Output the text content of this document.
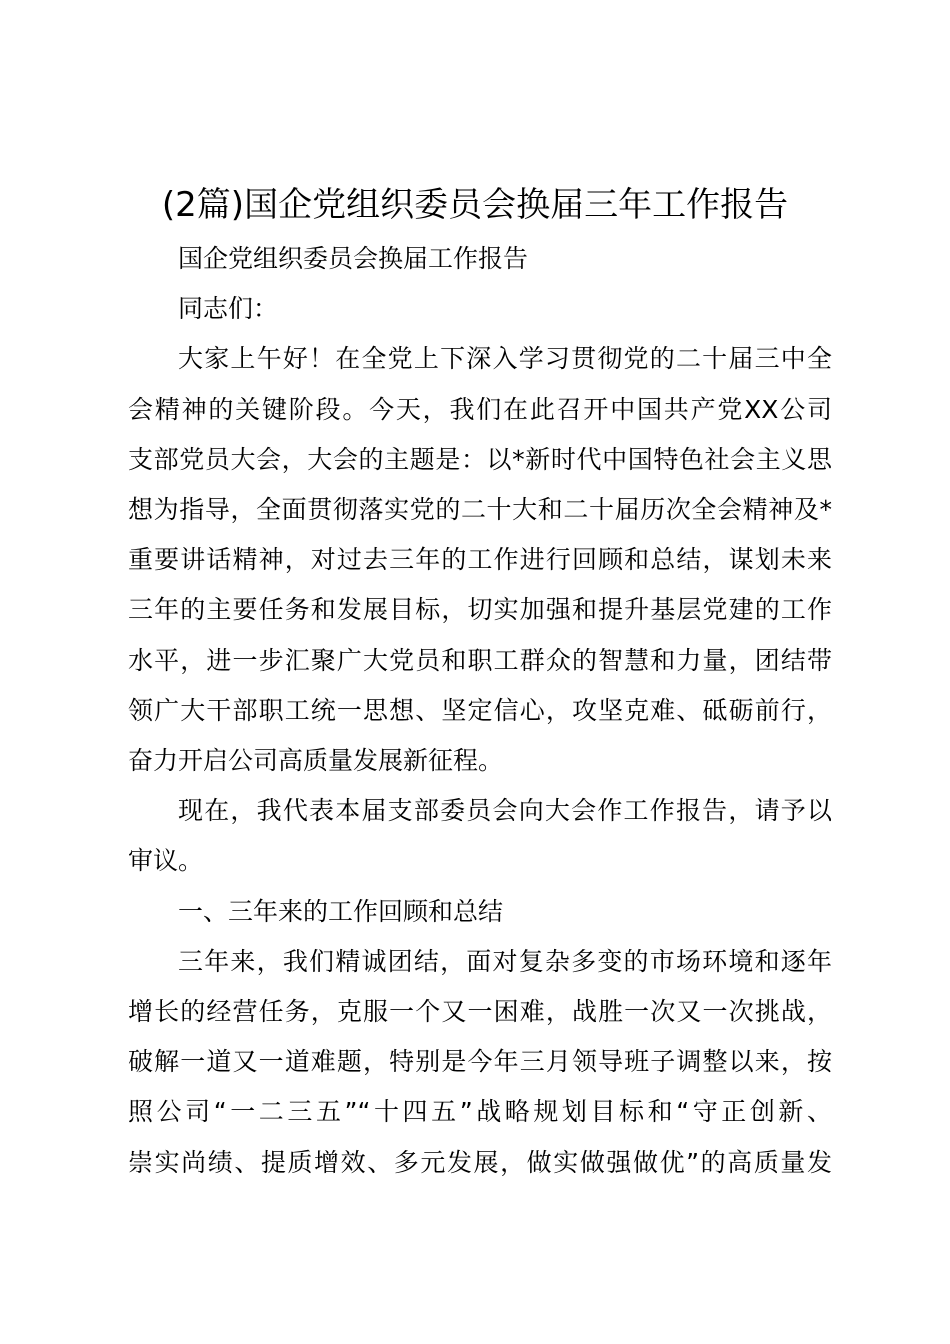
(2篇)国企党组织委员会换届三年工作报告
国企党组织委员会换届工作报告
同志们：
大家上午好！在全党上下深入学习贯彻党的二十届三中全
会精神的关键阶段。今天，我们在此召开中国共产党XX公司
支部党员大会，大会的主题是：以*新时代中国特色社会主义思
想为指导，全面贯彻落实党的二十大和二十届历次全会精神及*
重要讲话精神，对过去三年的工作进行回顾和总结，谋划未来
三年的主要任务和发展目标，切实加强和提升基层党建的工作
水平，进一步汇聚广大党员和职工群众的智慧和力量，团结带
领广大干部职工统一思想、坚定信心，攻坚克难、砥砺前行，
奋力开启公司高质量发展新征程。
现在，我代表本届支部委员会向大会作工作报告，请予以
审议。
一、三年来的工作回顾和总结
三年来，我们精诚团结，面对复杂多变的市场环境和逐年
增长的经营任务，克服一个又一困难，战胜一次又一次挑战，
破解一道又一道难题，特别是今年三月领导班子调整以来，按
照公司“一二三五”“十四五”战略规划目标和“守正创新、
崇实尚绩、提质增效、多元发展，做实做强做优”的高质量发
